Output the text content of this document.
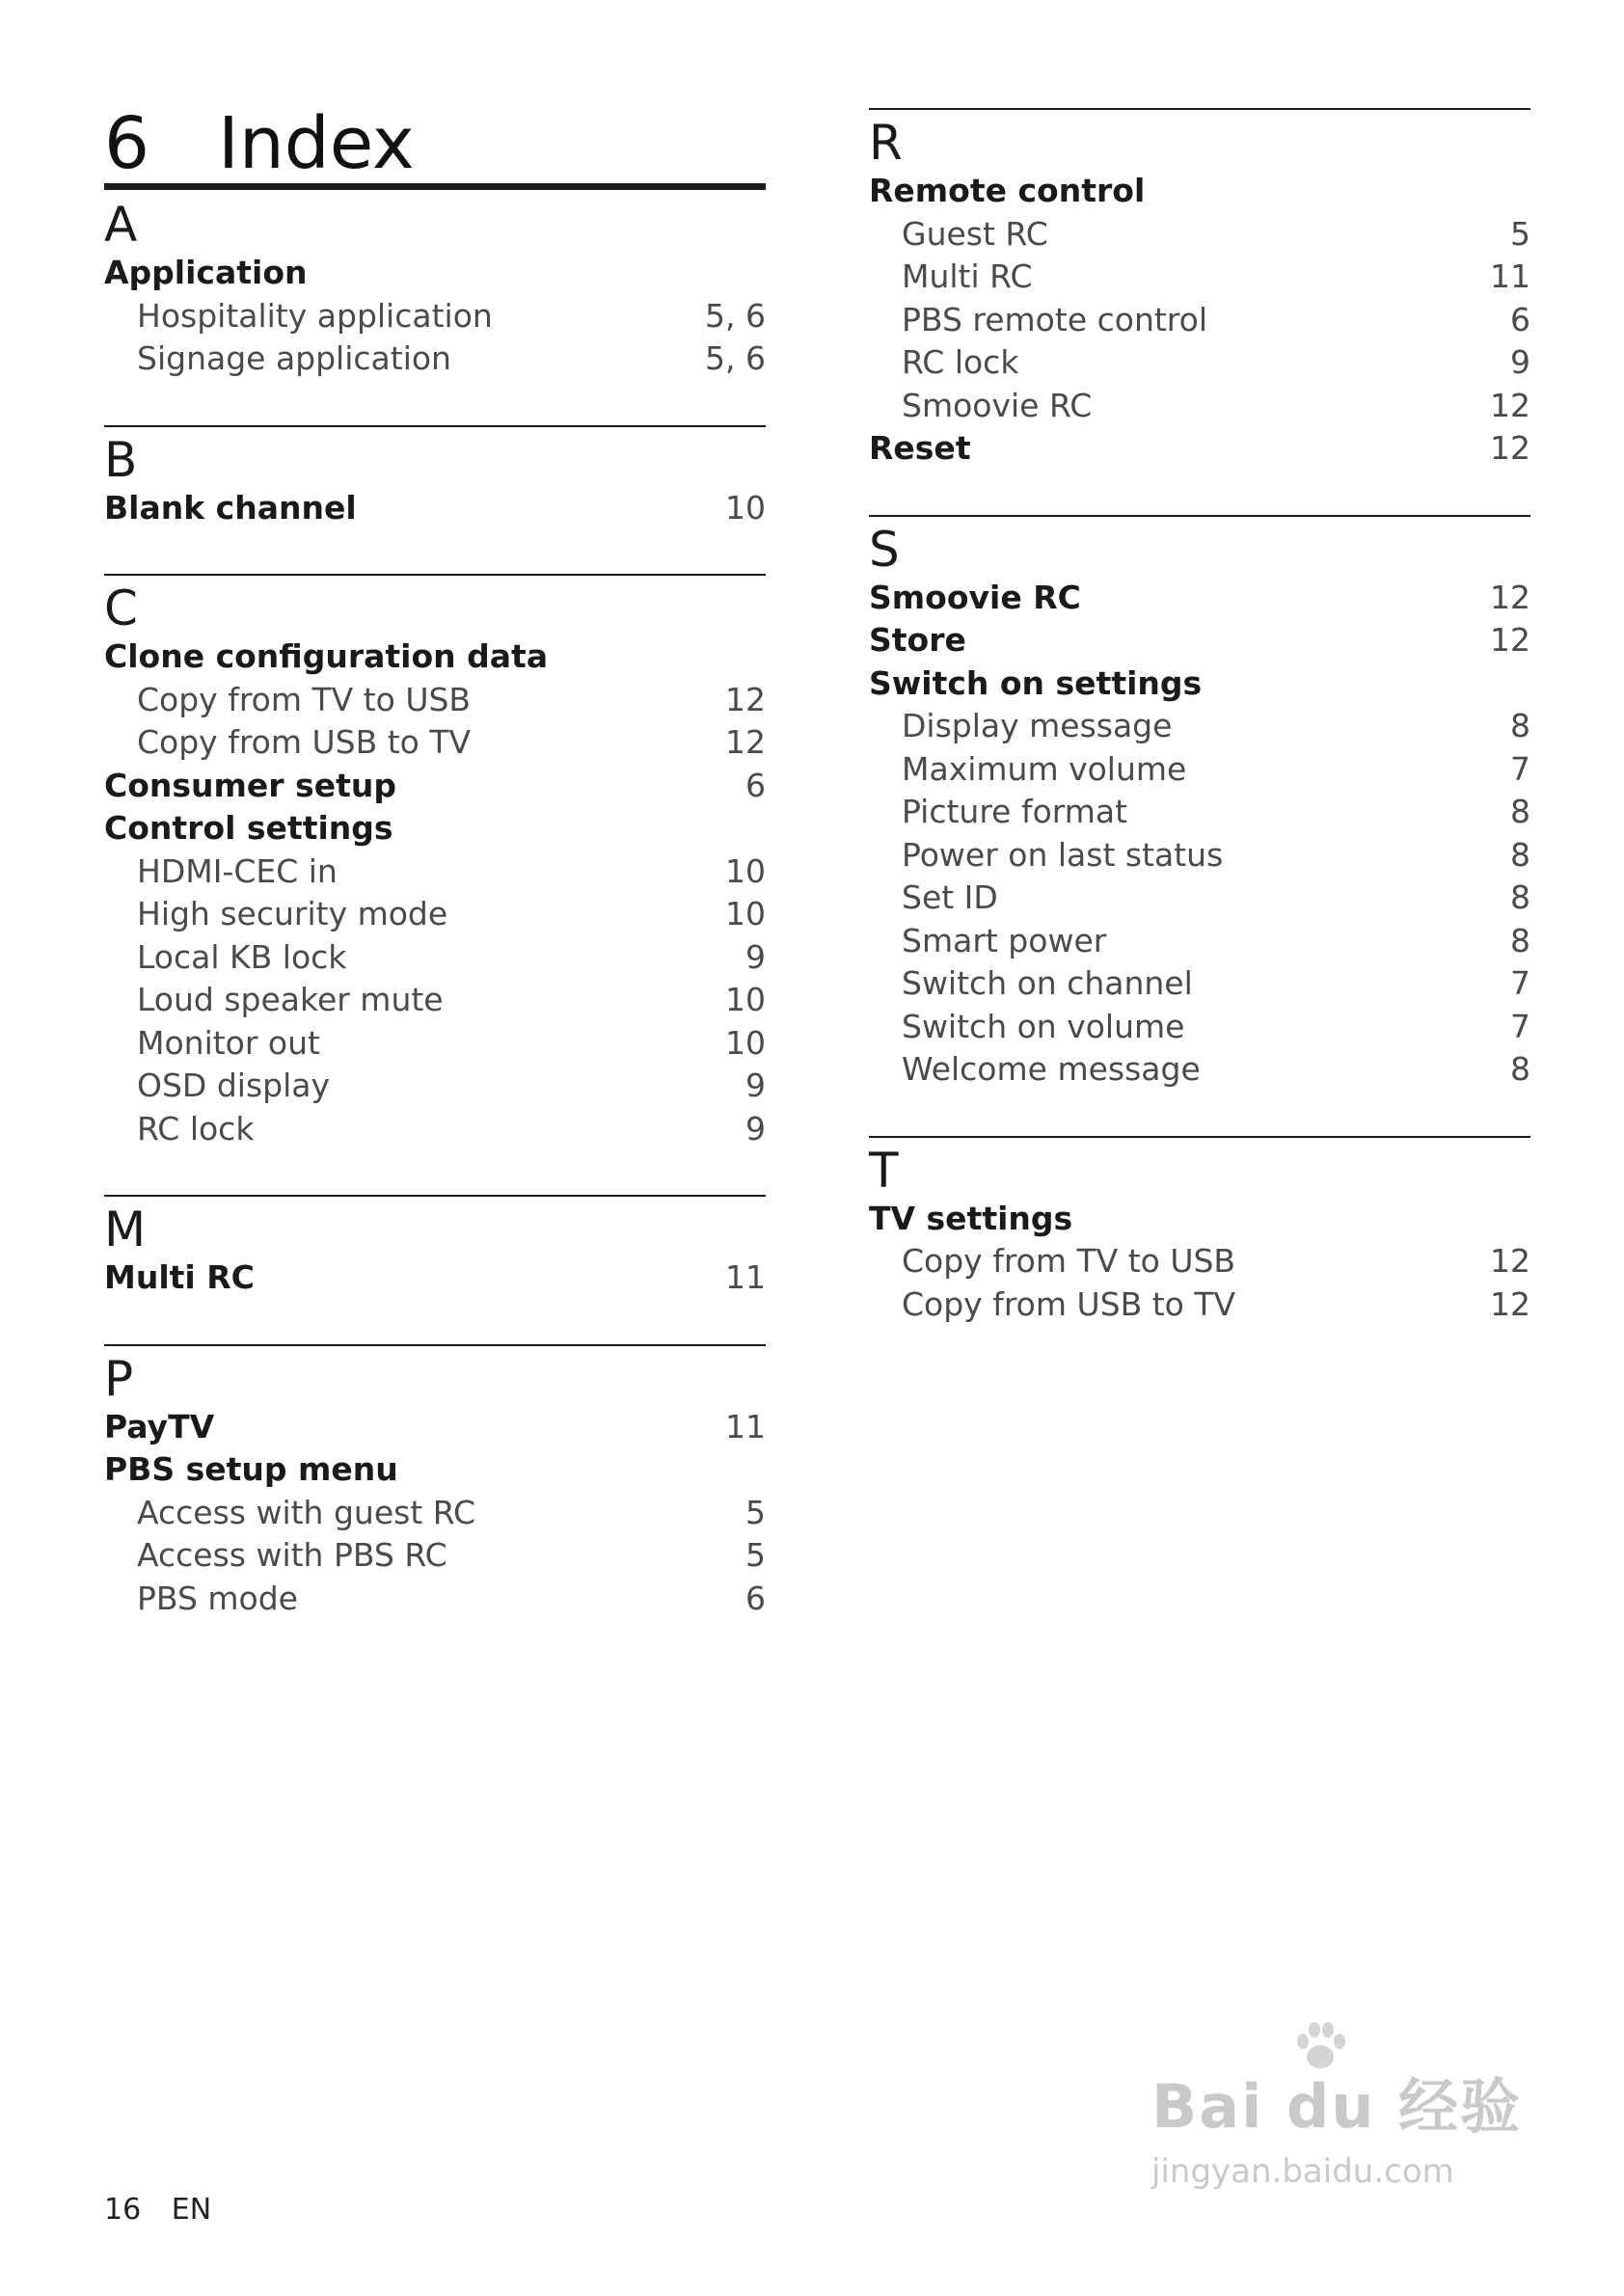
6 Index
A
Application
Hospitality application	5, 6
Signage application	5, 6
B
Blank channel	10
C
Clone configuration data
Copy from TV to USB	12
Copy from USB to TV	12
Consumer setup	6
Control settings
HDMI-CEC in	10
High security mode	10
Local KB lock	9
Loud speaker mute	10
Monitor out	10
OSD display	9
RC lock	9
M
Multi RC	11
P
PayTV	11
PBS setup menu
Access with guest RC	5
Access with PBS RC	5
PBS mode	6
R
Remote control
Guest RC	5
Multi RC	11
PBS remote control	6
RC lock	9
Smoovie RC	12
Reset	12
S
Smoovie RC	12
Store	12
Switch on settings
Display message	8
Maximum volume	7
Picture format	8
Power on last status	8
Set ID	8
Smart power	8
Switch on channel	7
Switch on volume	7
Welcome message	8
T
TV settings
Copy from TV to USB	12
Copy from USB to TV	12
16 EN
Bai du 经验
jingyan.baidu.com
